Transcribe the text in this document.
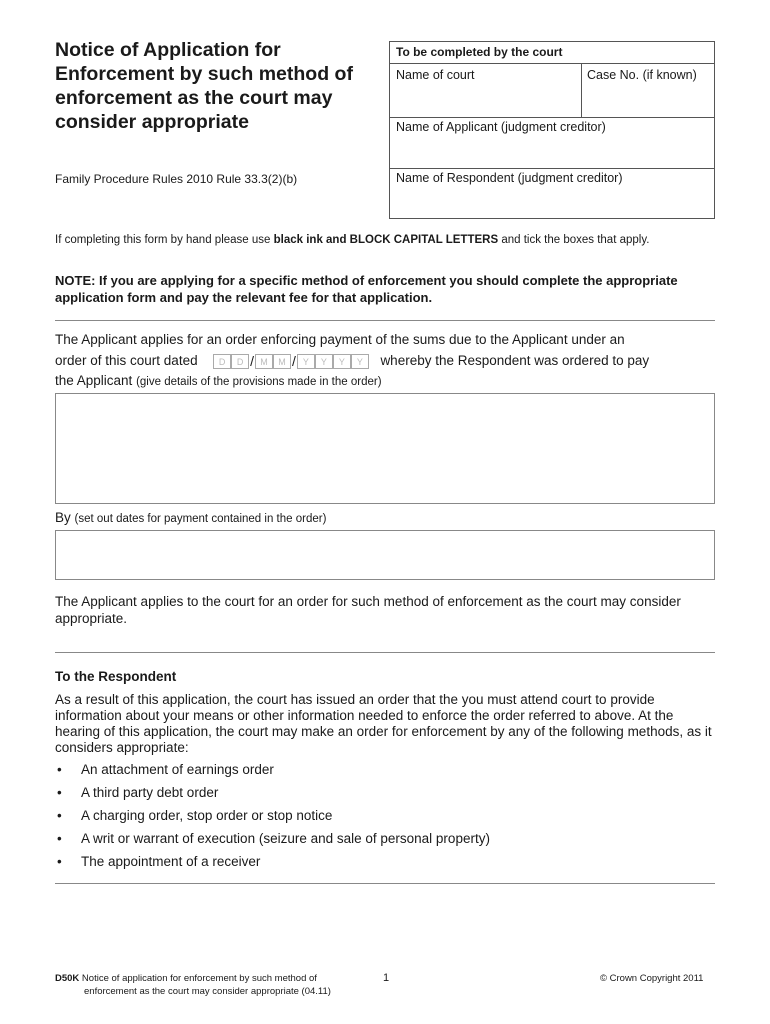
Notice of Application for Enforcement by such method of enforcement as the court may consider appropriate
Family Procedure Rules 2010 Rule 33.3(2)(b)
To be completed by the court
Name of court	Case No. (if known)
Name of Applicant (judgment creditor)
Name of Respondent (judgment creditor)
If completing this form by hand please use black ink and BLOCK CAPITAL LETTERS and tick the boxes that apply.
NOTE: If you are applying for a specific method of enforcement you should complete the appropriate application form and pay the relevant fee for that application.
The Applicant applies for an order enforcing payment of the sums due to the Applicant under an
order of this court dated	D	D / M	M / Y	Y	Y	Y	whereby the Respondent was ordered to pay
the Applicant (give details of the provisions made in the order)
By (set out dates for payment contained in the order)
The Applicant applies to the court for an order for such method of enforcement as the court may consider appropriate.
To the Respondent
As a result of this application, the court has issued an order that the you must attend court to provide information about your means or other information needed to enforce the order referred to above. At the hearing of this application, the court may make an order for enforcement by any of the following methods, as it considers appropriate:
• An attachment of earnings order
• A third party debt order
• A charging order, stop order or stop notice
• A writ or warrant of execution (seizure and sale of personal property)
• The appointment of a receiver
D50K Notice of application for enforcement by such method of
enforcement as the court may consider appropriate (04.11)
1	© Crown Copyright 2011
